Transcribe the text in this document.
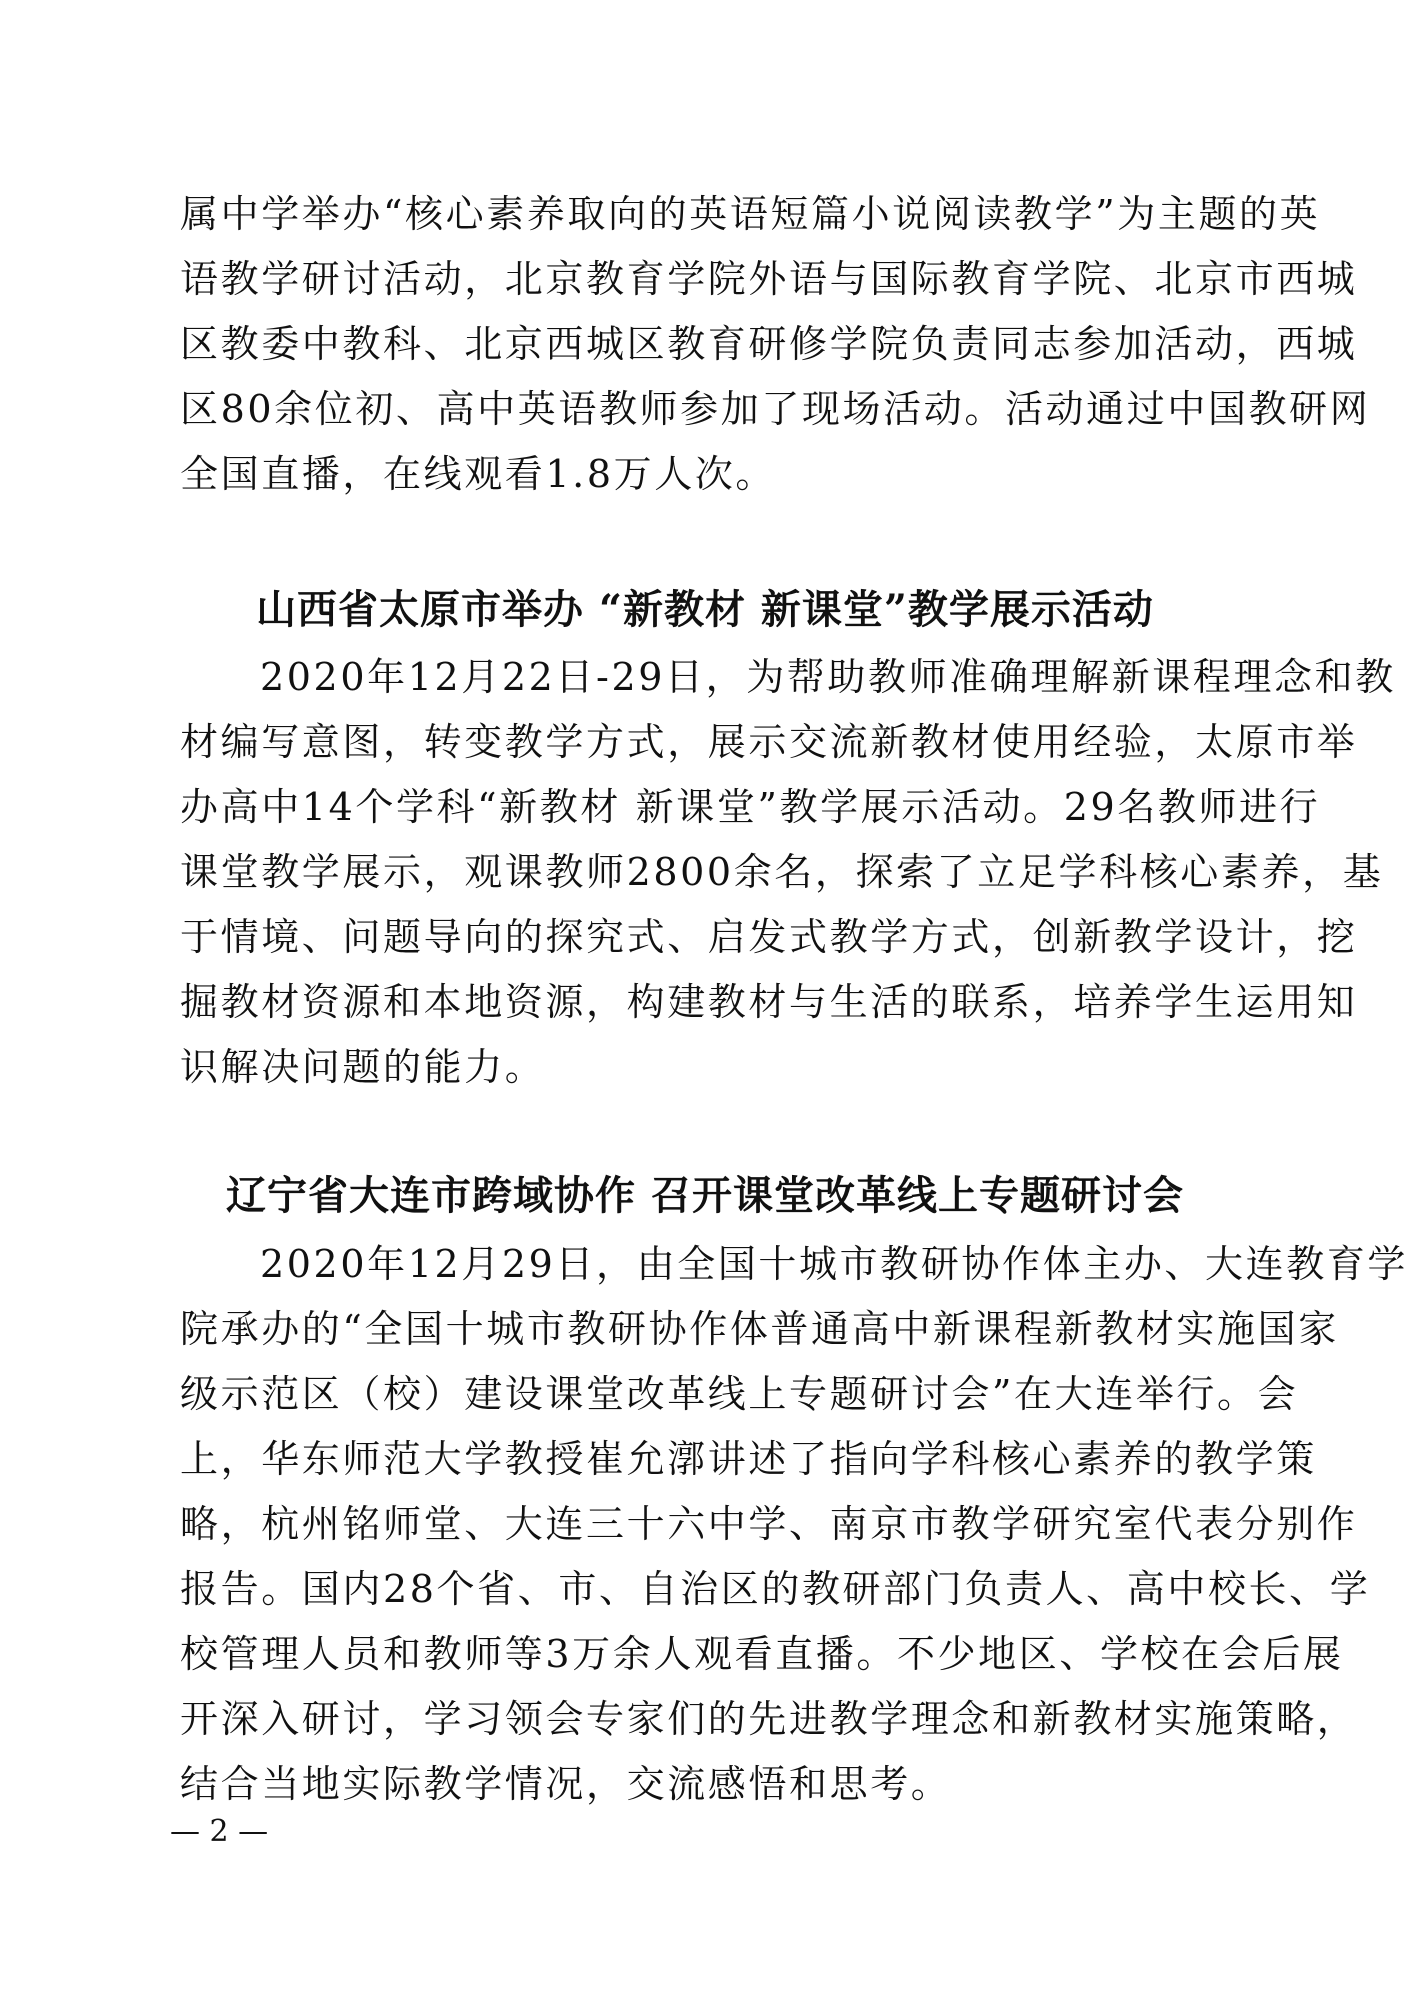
属中学举办“核心素养取向的英语短篇小说阅读教学”为主题的英

语教学研讨活动，北京教育学院外语与国际教育学院、北京市西城

区教委中教科、北京西城区教育研修学院负责同志参加活动，西城

区80余位初、高中英语教师参加了现场活动。活动通过中国教研网

全国直播，在线观看1.8万人次。

山西省太原市举办 “新教材 新课堂”教学展示活动

2020年12月22日-29日，为帮助教师准确理解新课程理念和教

材编写意图，转变教学方式，展示交流新教材使用经验，太原市举

办高中14个学科“新教材 新课堂”教学展示活动。29名教师进行

课堂教学展示，观课教师2800余名，探索了立足学科核心素养，基

于情境、问题导向的探究式、启发式教学方式，创新教学设计，挖

掘教材资源和本地资源，构建教材与生活的联系，培养学生运用知

识解决问题的能力。

辽宁省大连市跨域协作 召开课堂改革线上专题研讨会

2020年12月29日，由全国十城市教研协作体主办、大连教育学

院承办的“全国十城市教研协作体普通高中新课程新教材实施国家

级示范区（校）建设课堂改革线上专题研讨会”在大连举行。会

上，华东师范大学教授崔允漷讲述了指向学科核心素养的教学策

略，杭州铭师堂、大连三十六中学、南京市教学研究室代表分别作

报告。国内28个省、市、自治区的教研部门负责人、高中校长、学

校管理人员和教师等3万余人观看直播。不少地区、学校在会后展

开深入研讨，学习领会专家们的先进教学理念和新教材实施策略，

结合当地实际教学情况，交流感悟和思考。

— 2 —
